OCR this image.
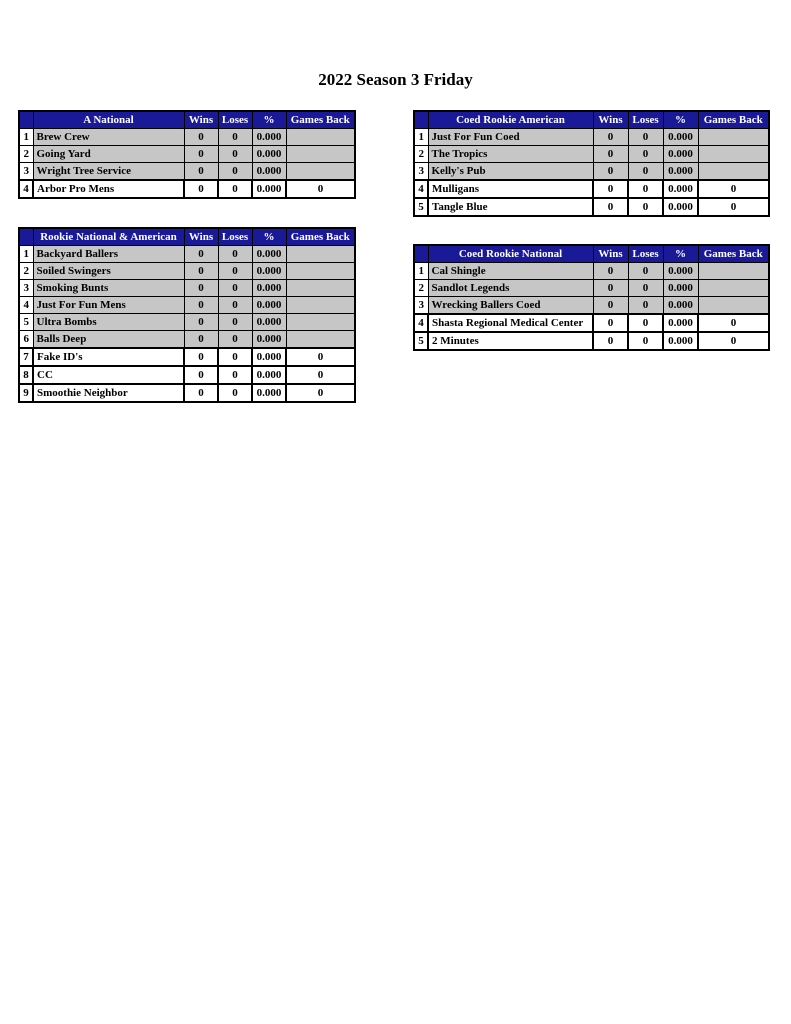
2022 Season 3 Friday
	A National	Wins	Loses	%	Games Back
1	Brew Crew	0	0	0.000	
2	Going Yard	0	0	0.000	
3	Wright Tree Service	0	0	0.000	
4	Arbor Pro Mens	0	0	0.000	0
	Coed Rookie American	Wins	Loses	%	Games Back
1	Just For Fun Coed	0	0	0.000	
2	The Tropics	0	0	0.000	
3	Kelly's Pub	0	0	0.000	
4	Mulligans	0	0	0.000	0
5	Tangle Blue	0	0	0.000	0
	Rookie National & American	Wins	Loses	%	Games Back
1	Backyard Ballers	0	0	0.000	
2	Soiled Swingers	0	0	0.000	
3	Smoking Bunts	0	0	0.000	
4	Just For Fun Mens	0	0	0.000	
5	Ultra Bombs	0	0	0.000	
6	Balls Deep	0	0	0.000	
7	Fake ID's	0	0	0.000	0
8	CC	0	0	0.000	0
9	Smoothie Neighbor	0	0	0.000	0
	Coed Rookie National	Wins	Loses	%	Games Back
1	Cal Shingle	0	0	0.000	
2	Sandlot Legends	0	0	0.000	
3	Wrecking Ballers Coed	0	0	0.000	
4	Shasta Regional Medical Center	0	0	0.000	0
5	2 Minutes	0	0	0.000	0
